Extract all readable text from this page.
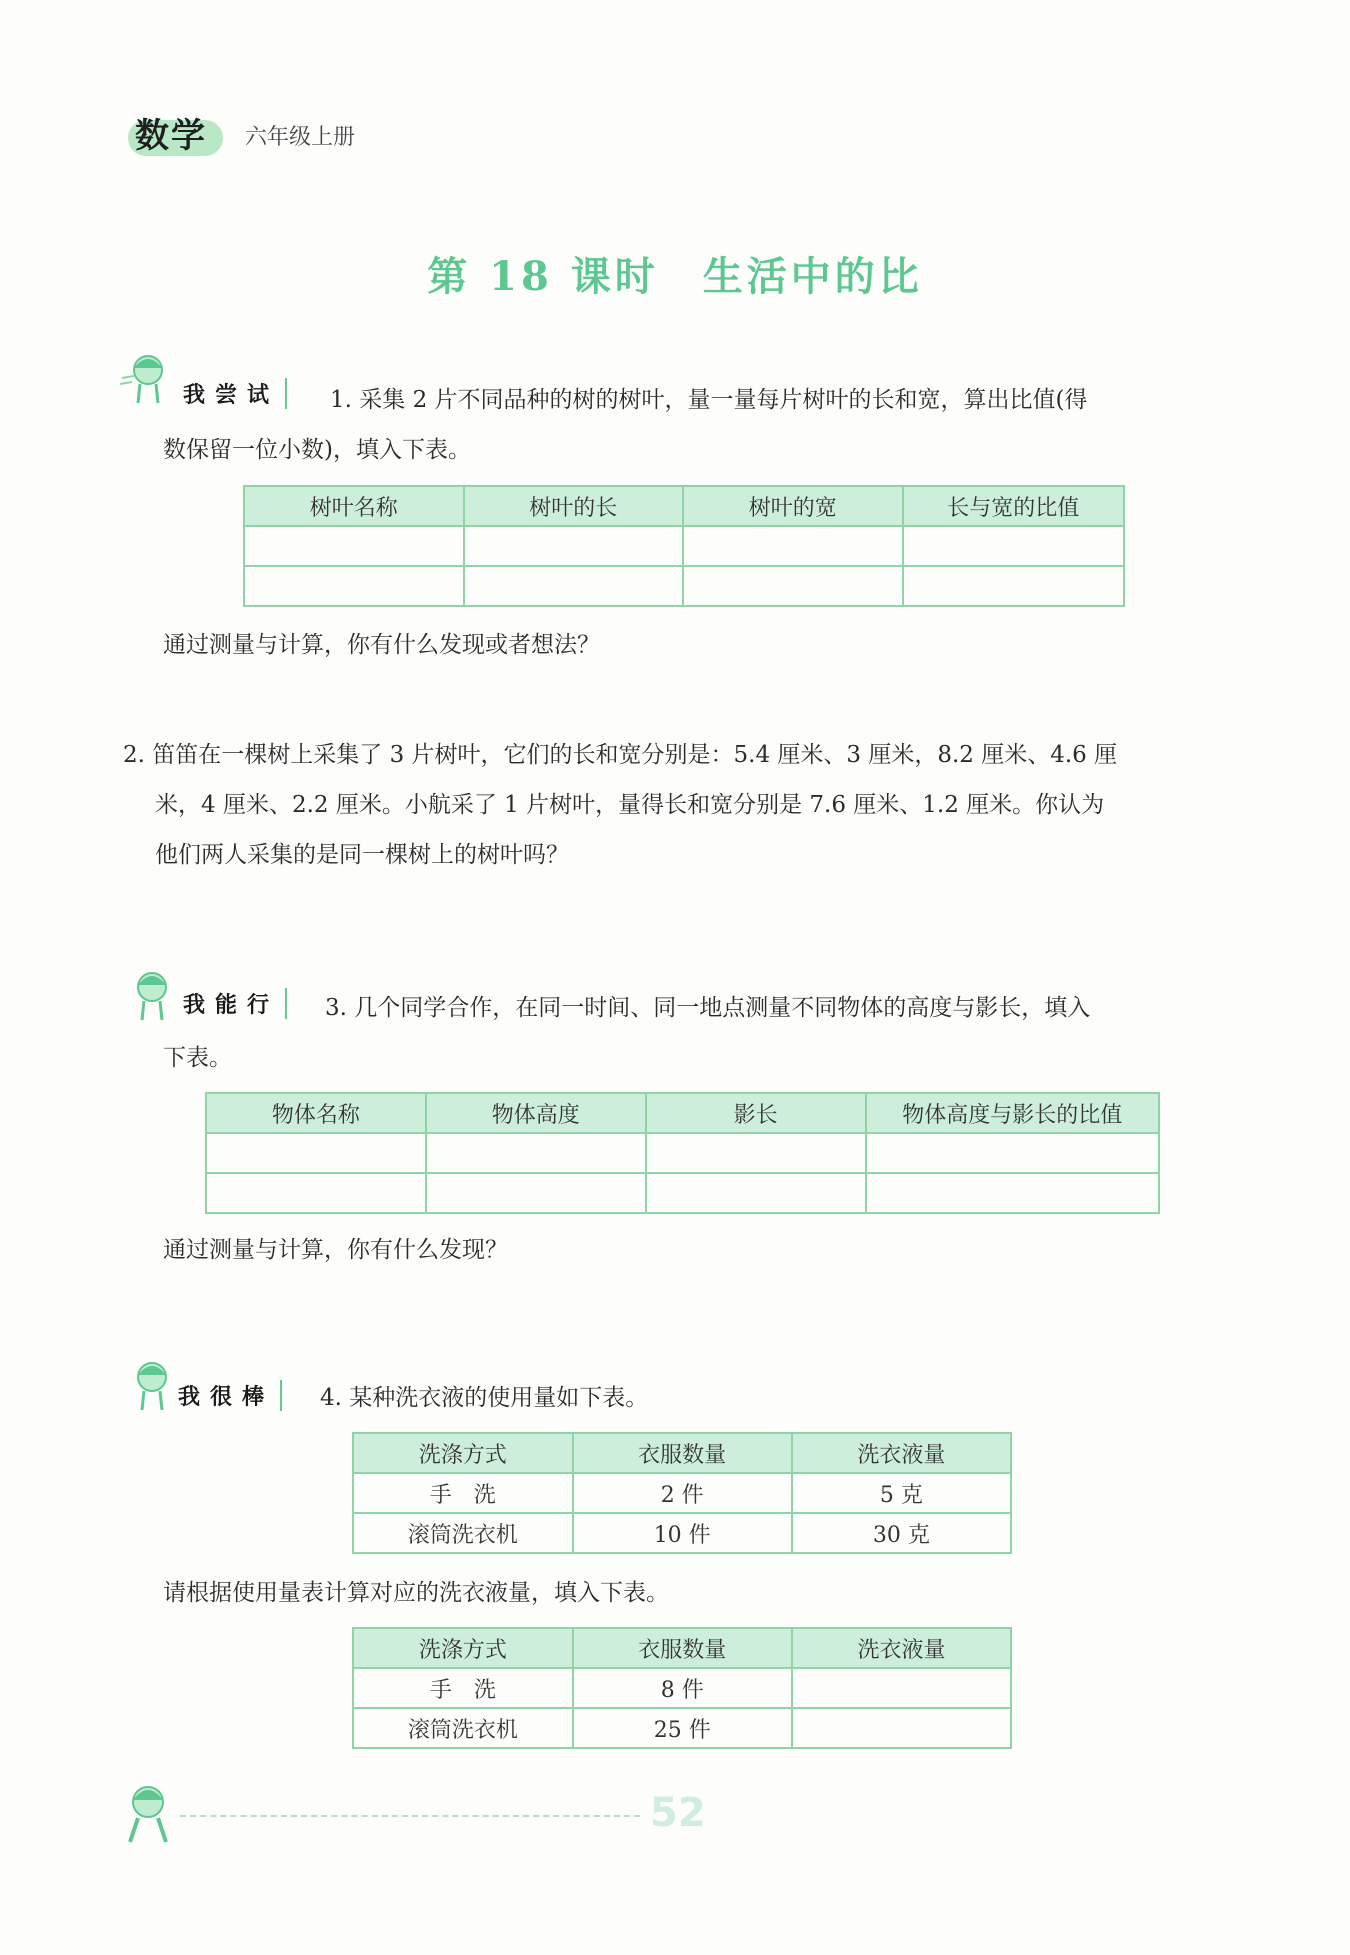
数学 六年级上册
第 18 课时　生活中的比
我尝试	1. 采集 2 片不同品种的树的树叶，量一量每片树叶的长和宽，算出比值(得
数保留一位小数)，填入下表。
树叶名称	树叶的长	树叶的宽	长与宽的比值

通过测量与计算，你有什么发现或者想法？
2. 笛笛在一棵树上采集了 3 片树叶，它们的长和宽分别是：5.4 厘米、3 厘米，8.2 厘米、4.6 厘
米，4 厘米、2.2 厘米。小航采了 1 片树叶，量得长和宽分别是 7.6 厘米、1.2 厘米。你认为
他们两人采集的是同一棵树上的树叶吗？
我能行	3. 几个同学合作，在同一时间、同一地点测量不同物体的高度与影长，填入
下表。
物体名称	物体高度	影长	物体高度与影长的比值

通过测量与计算，你有什么发现？
我很棒	4. 某种洗衣液的使用量如下表。
洗涤方式	衣服数量	洗衣液量
手　洗	2 件	5 克
滚筒洗衣机	10 件	30 克
请根据使用量表计算对应的洗衣液量，填入下表。
洗涤方式	衣服数量	洗衣液量
手　洗	8 件	
滚筒洗衣机	25 件	
52
